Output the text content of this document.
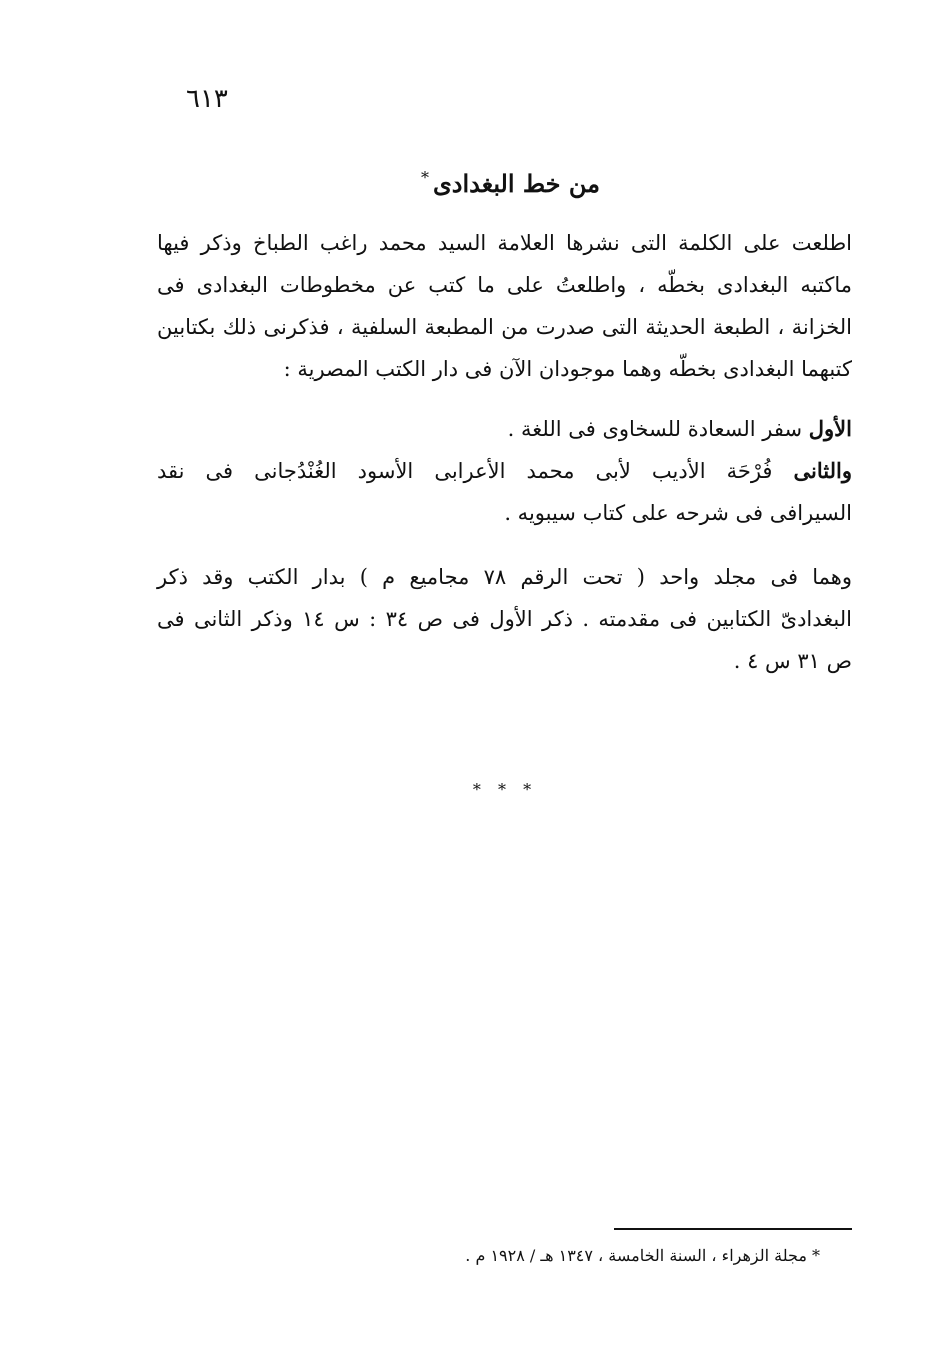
٦١٣
من خط البغدادى*
اطلعت على الكلمة التى نشرها العلامة السيد محمد راغب الطباخ وذكر فيها
ماكتبه البغدادى بخطّه ، واطلعتُ على ما كتب عن مخطوطات البغدادى فى
الخزانة ، الطبعة الحديثة التى صدرت من المطبعة السلفية ، فذكرنى ذلك بكتابين
كتبهما البغدادى بخطّه وهما موجودان الآن فى دار الكتب المصرية :
الأول سفر السعادة للسخاوى فى اللغة .
والثانى فُرْحَة الأديب لأبى محمد الأعرابى الأسود الغُنْدُجانى فى نقد
السيرافى فى شرحه على كتاب سيبويه .
وهما فى مجلد واحد ( تحت الرقم ٧٨ مجاميع م ) بدار الكتب وقد ذكر
البغدادىّ الكتابين فى مقدمته . ذكر الأول فى ص ٣٤ : س ١٤ وذكر الثانى فى
ص ٣١ س ٤ .
* * *
* مجلة الزهراء ، السنة الخامسة ، ١٣٤٧ هـ / ١٩٢٨ م .
